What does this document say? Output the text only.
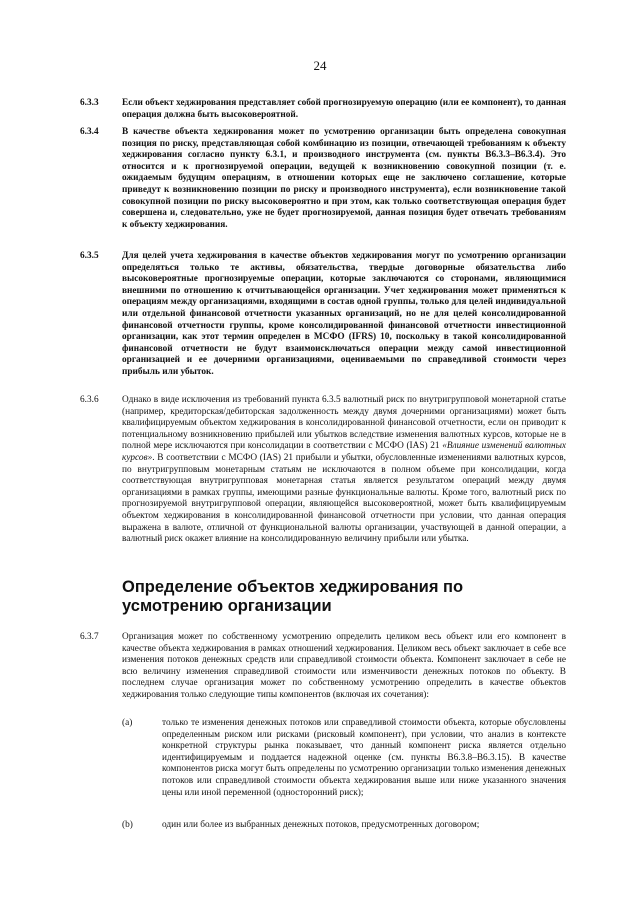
24
6.3.3	Если объект хеджирования представляет собой прогнозируемую операцию (или ее компонент), то данная операция должна быть высоковероятной.
6.3.4	В качестве объекта хеджирования может по усмотрению организации быть определена совокупная позиция по риску, представляющая собой комбинацию из позиции, отвечающей требованиям к объекту хеджирования согласно пункту 6.3.1, и производного инструмента (см. пункты B6.3.3–B6.3.4). Это относится и к прогнозируемой операции, ведущей к возникновению совокупной позиции (т. е. ожидаемым будущим операциям, в отношении которых еще не заключено соглашение, которые приведут к возникновению позиции по риску и производного инструмента), если возникновение такой совокупной позиции по риску высоковероятно и при этом, как только соответствующая операция будет совершена и, следовательно, уже не будет прогнозируемой, данная позиция будет отвечать требованиям к объекту хеджирования.
6.3.5	Для целей учета хеджирования в качестве объектов хеджирования могут по усмотрению организации определяться только те активы, обязательства, твердые договорные обязательства либо высоковероятные прогнозируемые операции, которые заключаются со сторонами, являющимися внешними по отношению к отчитывающейся организации. Учет хеджирования может применяться к операциям между организациями, входящими в состав одной группы, только для целей индивидуальной или отдельной финансовой отчетности указанных организаций, но не для целей консолидированной финансовой отчетности группы, кроме консолидированной финансовой отчетности инвестиционной организации, как этот термин определен в МСФО (IFRS) 10, поскольку в такой консолидированной финансовой отчетности не будут взаимоисключаться операции между самой инвестиционной организацией и ее дочерними организациями, оцениваемыми по справедливой стоимости через прибыль или убыток.
6.3.6	Однако в виде исключения из требований пункта 6.3.5 валютный риск по внутригрупповой монетарной статье (например, кредиторская/дебиторская задолженность между двумя дочерними организациями) может быть квалифицируемым объектом хеджирования в консолидированной финансовой отчетности, если он приводит к потенциальному возникновению прибылей или убытков вследствие изменения валютных курсов, которые не в полной мере исключаются при консолидации в соответствии с МСФО (IAS) 21 «Влияние изменений валютных курсов». В соответствии с МСФО (IAS) 21 прибыли и убытки, обусловленные изменениями валютных курсов, по внутригрупповым монетарным статьям не исключаются в полном объеме при консолидации, когда соответствующая внутригрупповая монетарная статья является результатом операций между двумя организациями в рамках группы, имеющими разные функциональные валюты. Кроме того, валютный риск по прогнозируемой внутригрупповой операции, являющейся высоковероятной, может быть квалифицируемым объектом хеджирования в консолидированной финансовой отчетности при условии, что данная операция выражена в валюте, отличной от функциональной валюты организации, участвующей в данной операции, а валютный риск окажет влияние на консолидированную величину прибыли или убытка.
Определение объектов хеджирования по усмотрению организации
6.3.7	Организация может по собственному усмотрению определить целиком весь объект или его компонент в качестве объекта хеджирования в рамках отношений хеджирования. Целиком весь объект заключает в себе все изменения потоков денежных средств или справедливой стоимости объекта. Компонент заключает в себе не всю величину изменения справедливой стоимости или изменчивости денежных потоков по объекту. В последнем случае организация может по собственному усмотрению определить в качестве объектов хеджирования только следующие типы компонентов (включая их сочетания):
(a)	только те изменения денежных потоков или справедливой стоимости объекта, которые обусловлены определенным риском или рисками (рисковый компонент), при условии, что анализ в контексте конкретной структуры рынка показывает, что данный компонент риска является отдельно идентифицируемым и поддается надежной оценке (см. пункты B6.3.8–B6.3.15). В качестве компонентов риска могут быть определены по усмотрению организации только изменения денежных потоков или справедливой стоимости объекта хеджирования выше или ниже указанного значения цены или иной переменной (односторонний риск);
(b)	один или более из выбранных денежных потоков, предусмотренных договором;
